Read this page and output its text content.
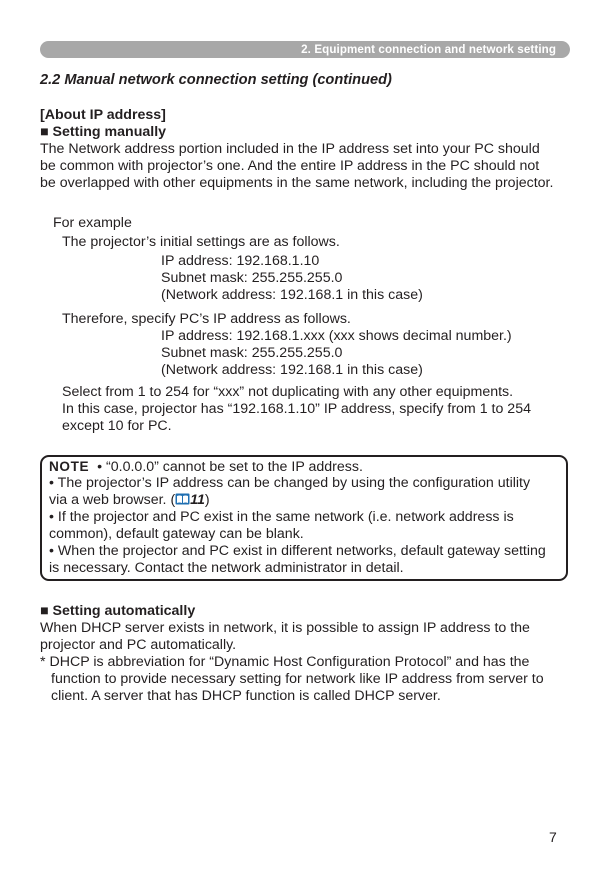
2. Equipment connection and network setting
2.2 Manual network connection setting (continued)
[About IP address]
■ Setting manually
The Network address portion included in the IP address set into your PC should
be common with projector’s one. And the entire IP address in the PC should not
be overlapped with other equipments in the same network, including the projector.
For example
The projector’s initial settings are as follows.
IP address: 192.168.1.10
Subnet mask: 255.255.255.0
(Network address: 192.168.1 in this case)
Therefore, specify PC’s IP address as follows.
IP address: 192.168.1.xxx (xxx shows decimal number.)
Subnet mask: 255.255.255.0
(Network address: 192.168.1 in this case)
Select from 1 to 254 for “xxx” not duplicating with any other equipments.
In this case, projector has “192.168.1.10” IP address, specify from 1 to 254
except 10 for PC.
NOTE • “0.0.0.0” cannot be set to the IP address.
• The projector’s IP address can be changed by using the configuration utility
via a web browser. ( 11)
• If the projector and PC exist in the same network (i.e. network address is
common), default gateway can be blank.
• When the projector and PC exist in different networks, default gateway setting
is necessary. Contact the network administrator in detail.
■ Setting automatically
When DHCP server exists in network, it is possible to assign IP address to the
projector and PC automatically.
* DHCP is abbreviation for “Dynamic Host Configuration Protocol” and has the
function to provide necessary setting for network like IP address from server to
client. A server that has DHCP function is called DHCP server.
7
